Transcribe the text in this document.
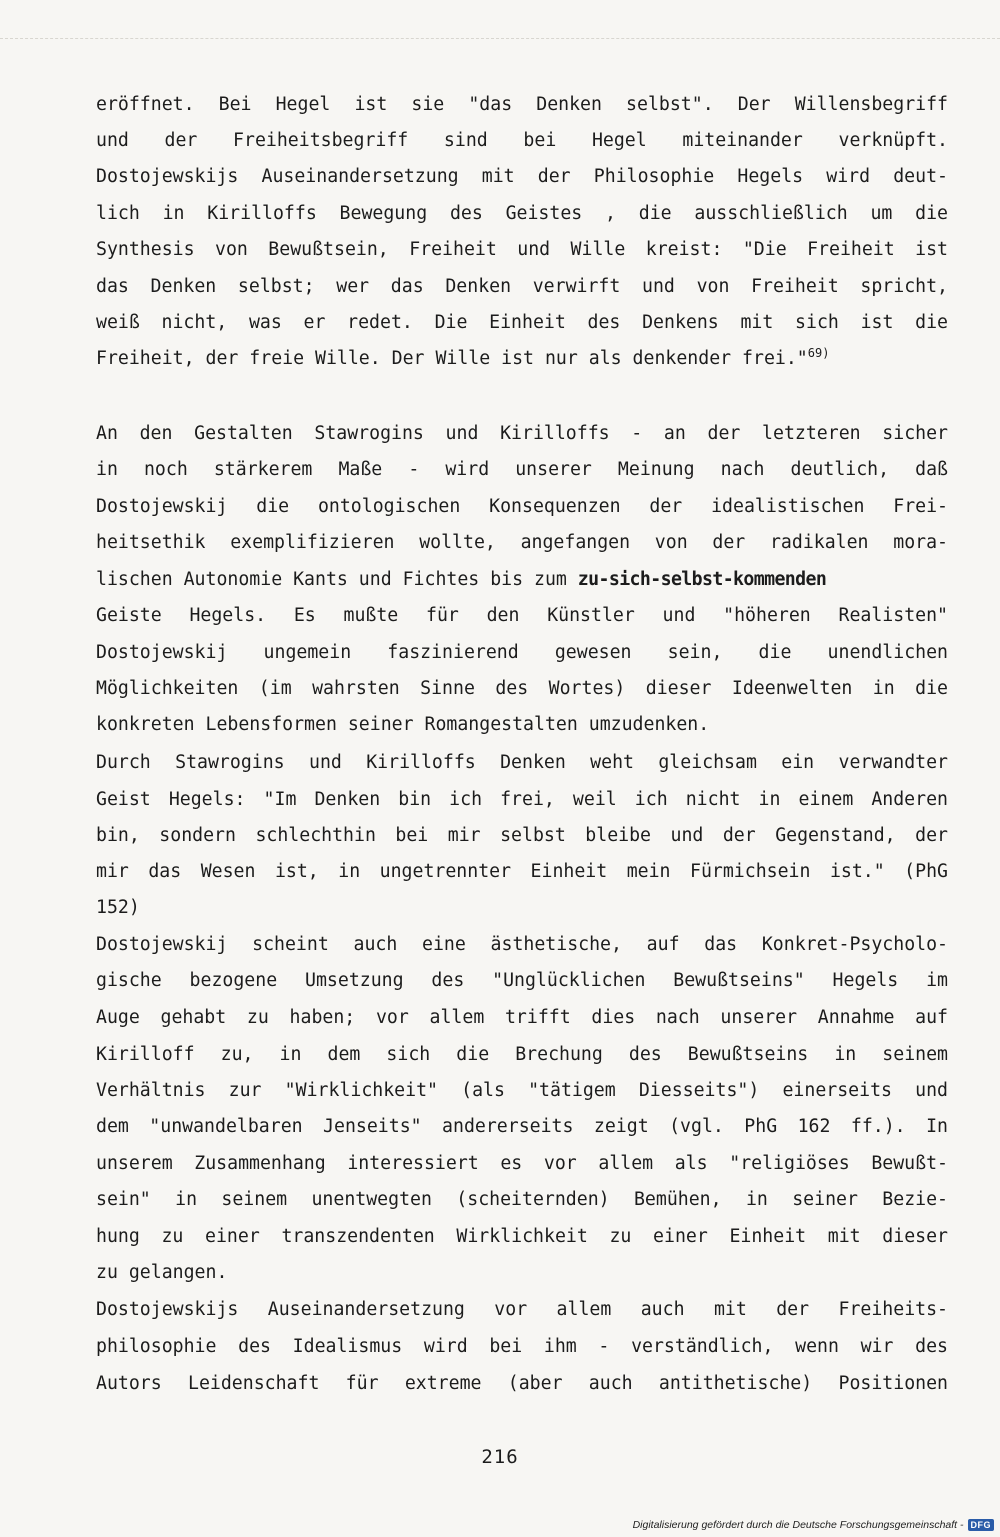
eröffnet. Bei Hegel ist sie "das Denken selbst". Der Willensbegriff
und der Freiheitsbegriff sind bei Hegel miteinander verknüpft.
Dostojewskijs Auseinandersetzung mit der Philosophie Hegels wird deut-
lich in Kirilloffs Bewegung des Geistes , die ausschließlich um die
Synthesis von Bewußtsein, Freiheit und Wille kreist: "Die Freiheit ist
das Denken selbst; wer das Denken verwirft und von Freiheit spricht,
weiß nicht, was er redet. Die Einheit des Denkens mit sich ist die
Freiheit, der freie Wille. Der Wille ist nur als denkender frei."$^{69)}$
An den Gestalten Stawrogins und Kirilloffs - an der letzteren sicher
in noch stärkerem Maße - wird unserer Meinung nach deutlich, daß
Dostojewskij die ontologischen Konsequenzen der idealistischen Frei-
heitsethik exemplifizieren wollte, angefangen von der radikalen mora-
lischen Autonomie Kants und Fichtes bis zum zu-sich-selbst-kommenden
Geiste Hegels. Es mußte für den Künstler und "höheren Realisten"
Dostojewskij ungemein faszinierend gewesen sein, die unendlichen
Möglichkeiten (im wahrsten Sinne des Wortes) dieser Ideenwelten in die
konkreten Lebensformen seiner Romangestalten umzudenken.
Durch Stawrogins und Kirilloffs Denken weht gleichsam ein verwandter
Geist Hegels: "Im Denken bin ich frei, weil ich nicht in einem Anderen
bin, sondern schlechthin bei mir selbst bleibe und der Gegenstand, der
mir das Wesen ist, in ungetrennter Einheit mein Fürmichsein ist." (PhG
152)
Dostojewskij scheint auch eine ästhetische, auf das Konkret-Psycholo-
gische bezogene Umsetzung des "Unglücklichen Bewußtseins" Hegels im
Auge gehabt zu haben; vor allem trifft dies nach unserer Annahme auf
Kirilloff zu, in dem sich die Brechung des Bewußtseins in seinem
Verhältnis zur "Wirklichkeit" (als "tätigem Diesseits") einerseits und
dem "unwandelbaren Jenseits" andererseits zeigt (vgl. PhG 162 ff.). In
unserem Zusammenhang interessiert es vor allem als "religiöses Bewußt-
sein" in seinem unentwegten (scheiternden) Bemühen, in seiner Bezie-
hung zu einer transzendenten Wirklichkeit zu einer Einheit mit dieser
zu gelangen.
Dostojewskijs Auseinandersetzung vor allem auch mit der Freiheits-
philosophie des Idealismus wird bei ihm - verständlich, wenn wir des
Autors Leidenschaft für extreme (aber auch antithetische) Positionen
216
Digitalisierung gefördert durch die Deutsche Forschungsgemeinschaft - DFG
